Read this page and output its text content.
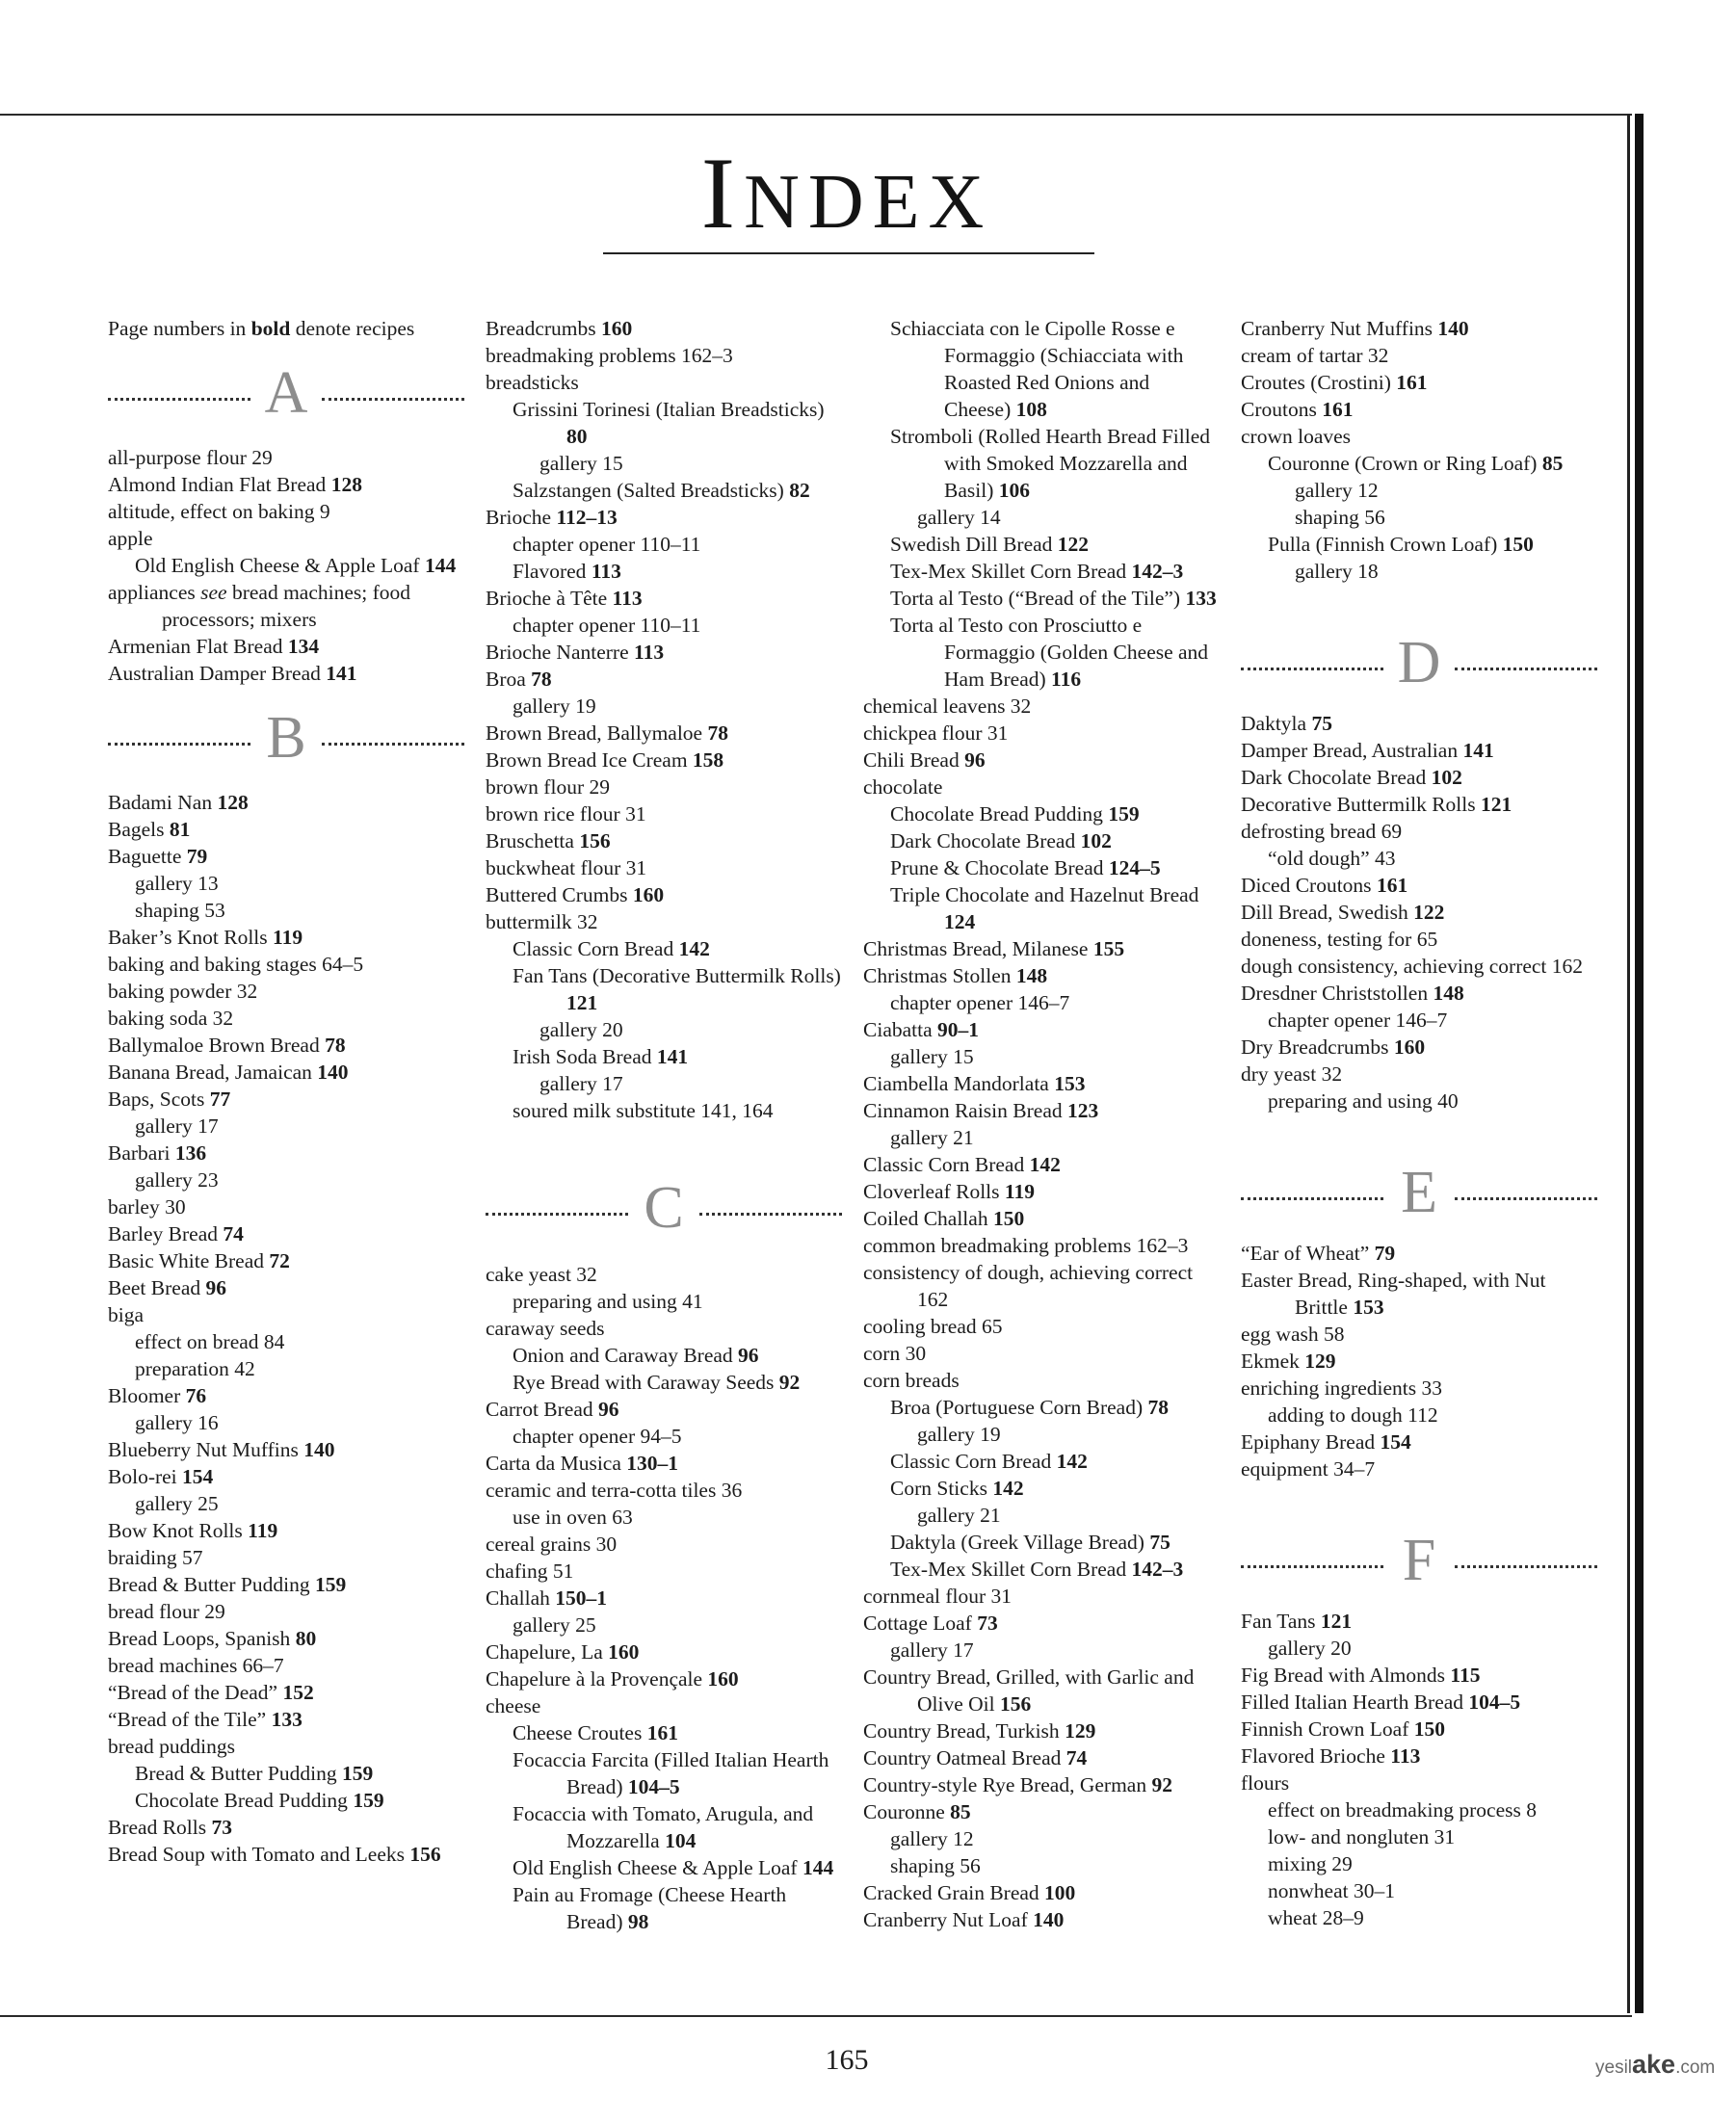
INDEX
Page numbers in bold denote recipes
A
all-purpose flour 29
Almond Indian Flat Bread 128
altitude, effect on baking 9
apple
Old English Cheese & Apple Loaf 144
appliances see bread machines; food processors; mixers
Armenian Flat Bread 134
Australian Damper Bread 141
B
Badami Nan 128
Bagels 81
Baguette 79
gallery 13
shaping 53
Baker’s Knot Rolls 119
baking and baking stages 64–5
baking powder 32
baking soda 32
Ballymaloe Brown Bread 78
Banana Bread, Jamaican 140
Baps, Scots 77
gallery 17
Barbari 136
gallery 23
barley 30
Barley Bread 74
Basic White Bread 72
Beet Bread 96
biga
effect on bread 84
preparation 42
Bloomer 76
gallery 16
Blueberry Nut Muffins 140
Bolo-rei 154
gallery 25
Bow Knot Rolls 119
braiding 57
Bread & Butter Pudding 159
bread flour 29
Bread Loops, Spanish 80
bread machines 66–7
“Bread of the Dead” 152
“Bread of the Tile” 133
bread puddings
Bread & Butter Pudding 159
Chocolate Bread Pudding 159
Bread Rolls 73
Bread Soup with Tomato and Leeks 156
Breadcrumbs 160
breadmaking problems 162–3
breadsticks
Grissini Torinesi (Italian Breadsticks) 80
gallery 15
Salzstangen (Salted Breadsticks) 82
Brioche 112–13
chapter opener 110–11
Flavored 113
Brioche à Tête 113
chapter opener 110–11
Brioche Nanterre 113
Broa 78
gallery 19
Brown Bread, Ballymaloe 78
Brown Bread Ice Cream 158
brown flour 29
brown rice flour 31
Bruschetta 156
buckwheat flour 31
Buttered Crumbs 160
buttermilk 32
Classic Corn Bread 142
Fan Tans (Decorative Buttermilk Rolls) 121
gallery 20
Irish Soda Bread 141
gallery 17
soured milk substitute 141, 164
C
cake yeast 32
preparing and using 41
caraway seeds
Onion and Caraway Bread 96
Rye Bread with Caraway Seeds 92
Carrot Bread 96
chapter opener 94–5
Carta da Musica 130–1
ceramic and terra-cotta tiles 36
use in oven 63
cereal grains 30
chafing 51
Challah 150–1
gallery 25
Chapelure, La 160
Chapelure à la Provençale 160
cheese
Cheese Croutes 161
Focaccia Farcita (Filled Italian Hearth Bread) 104–5
Focaccia with Tomato, Arugula, and Mozzarella 104
Old English Cheese & Apple Loaf 144
Pain au Fromage (Cheese Hearth Bread) 98
Schiacciata con le Cipolle Rosse e Formaggio (Schiacciata with Roasted Red Onions and Cheese) 108
Stromboli (Rolled Hearth Bread Filled with Smoked Mozzarella and Basil) 106
gallery 14
Swedish Dill Bread 122
Tex-Mex Skillet Corn Bread 142–3
Torta al Testo (“Bread of the Tile”) 133
Torta al Testo con Prosciutto e Formaggio (Golden Cheese and Ham Bread) 116
chemical leavens 32
chickpea flour 31
Chili Bread 96
chocolate
Chocolate Bread Pudding 159
Dark Chocolate Bread 102
Prune & Chocolate Bread 124–5
Triple Chocolate and Hazelnut Bread 124
Christmas Bread, Milanese 155
Christmas Stollen 148
chapter opener 146–7
Ciabatta 90–1
gallery 15
Ciambella Mandorlata 153
Cinnamon Raisin Bread 123
gallery 21
Classic Corn Bread 142
Cloverleaf Rolls 119
Coiled Challah 150
common breadmaking problems 162–3
consistency of dough, achieving correct 162
cooling bread 65
corn 30
corn breads
Broa (Portuguese Corn Bread) 78
gallery 19
Classic Corn Bread 142
Corn Sticks 142
gallery 21
Daktyla (Greek Village Bread) 75
Tex-Mex Skillet Corn Bread 142–3
cornmeal flour 31
Cottage Loaf 73
gallery 17
Country Bread, Grilled, with Garlic and Olive Oil 156
Country Bread, Turkish 129
Country Oatmeal Bread 74
Country-style Rye Bread, German 92
Couronne 85
gallery 12
shaping 56
Cracked Grain Bread 100
Cranberry Nut Loaf 140
Cranberry Nut Muffins 140
cream of tartar 32
Croutes (Crostini) 161
Croutons 161
crown loaves
Couronne (Crown or Ring Loaf) 85
gallery 12
shaping 56
Pulla (Finnish Crown Loaf) 150
gallery 18
D
Daktyla 75
Damper Bread, Australian 141
Dark Chocolate Bread 102
Decorative Buttermilk Rolls 121
defrosting bread 69
“old dough” 43
Diced Croutons 161
Dill Bread, Swedish 122
doneness, testing for 65
dough consistency, achieving correct 162
Dresdner Christstollen 148
chapter opener 146–7
Dry Breadcrumbs 160
dry yeast 32
preparing and using 40
E
“Ear of Wheat” 79
Easter Bread, Ring-shaped, with Nut Brittle 153
egg wash 58
Ekmek 129
enriching ingredients 33
adding to dough 112
Epiphany Bread 154
equipment 34–7
F
Fan Tans 121
gallery 20
Fig Bread with Almonds 115
Filled Italian Hearth Bread 104–5
Finnish Crown Loaf 150
Flavored Brioche 113
flours
effect on breadmaking process 8
low- and nongluten 31
mixing 29
nonwheat 30–1
wheat 28–9
165	yesilake.com
